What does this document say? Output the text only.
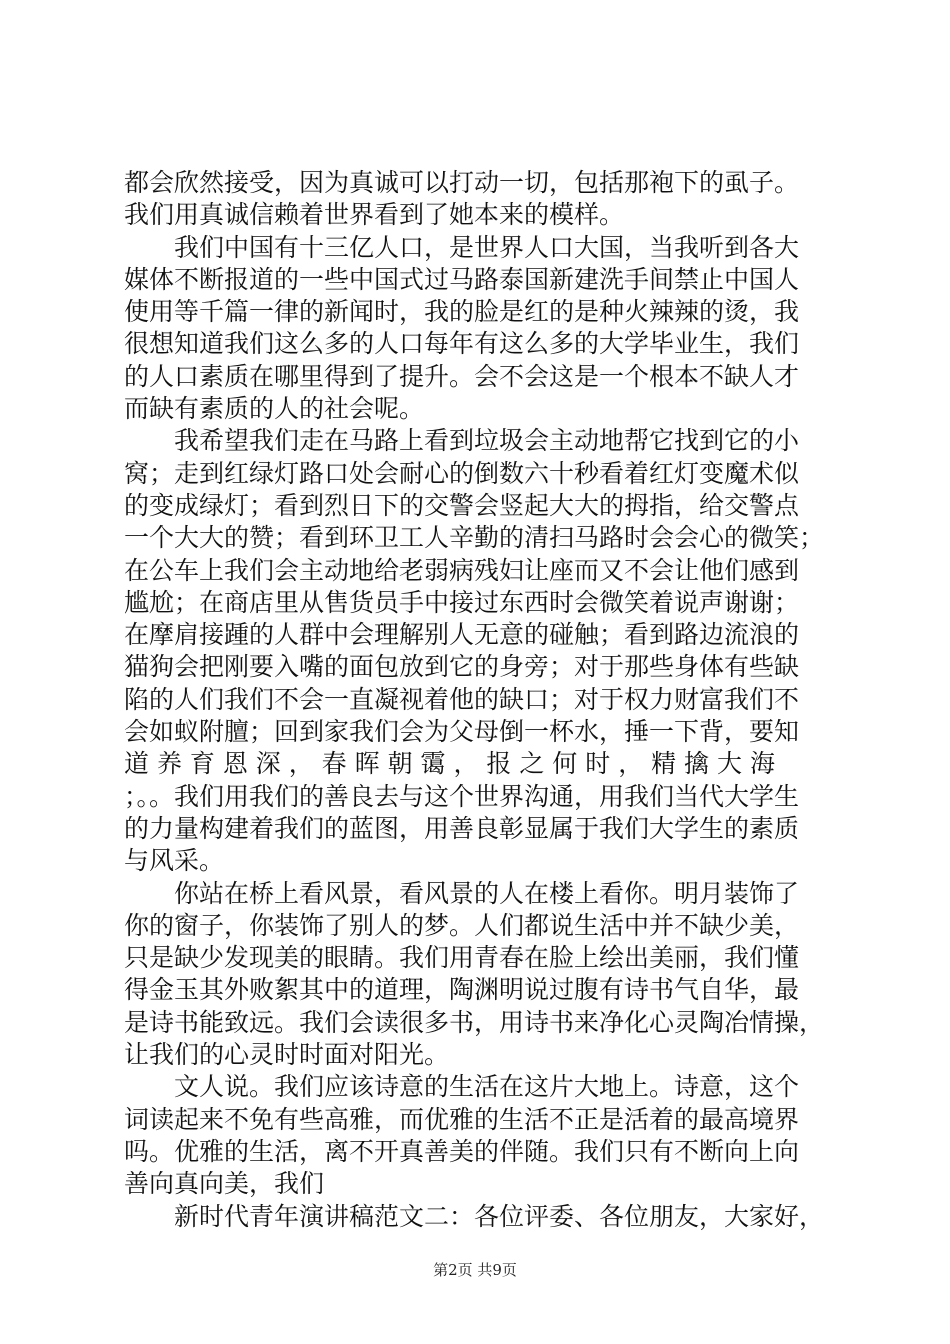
都会欣然接受，因为真诚可以打动一切，包括那袍下的虱子。
我们用真诚信赖着世界看到了她本来的模样。
　　我们中国有十三亿人口，是世界人口大国，当我听到各大
媒体不断报道的一些中国式过马路泰国新建洗手间禁止中国人
使用等千篇一律的新闻时，我的脸是红的是种火辣辣的烫，我
很想知道我们这么多的人口每年有这么多的大学毕业生，我们
的人口素质在哪里得到了提升。会不会这是一个根本不缺人才
而缺有素质的人的社会呢。
　　我希望我们走在马路上看到垃圾会主动地帮它找到它的小
窝；走到红绿灯路口处会耐心的倒数六十秒看着红灯变魔术似
的变成绿灯；看到烈日下的交警会竖起大大的拇指，给交警点
一个大大的赞；看到环卫工人辛勤的清扫马路时会会心的微笑；
在公车上我们会主动地给老弱病残妇让座而又不会让他们感到
尴尬；在商店里从售货员手中接过东西时会微笑着说声谢谢；
在摩肩接踵的人群中会理解别人无意的碰触；看到路边流浪的
猫狗会把刚要入嘴的面包放到它的身旁；对于那些身体有些缺
陷的人们我们不会一直凝视着他的缺口；对于权力财富我们不
会如蚁附膻；回到家我们会为父母倒一杯水，捶一下背，要知
道 养 育 恩 深 ， 春 晖 朝 霭 ， 报 之 何 时 ， 精 擒 大 海
；。。我们用我们的善良去与这个世界沟通，用我们当代大学生
的力量构建着我们的蓝图，用善良彰显属于我们大学生的素质
与风采。
　　你站在桥上看风景，看风景的人在楼上看你。明月装饰了
你的窗子，你装饰了别人的梦。人们都说生活中并不缺少美，
只是缺少发现美的眼睛。我们用青春在脸上绘出美丽，我们懂
得金玉其外败絮其中的道理，陶渊明说过腹有诗书气自华，最
是诗书能致远。我们会读很多书，用诗书来净化心灵陶冶情操，
让我们的心灵时时面对阳光。
　　文人说。我们应该诗意的生活在这片大地上。诗意，这个
词读起来不免有些高雅，而优雅的生活不正是活着的最高境界
吗。优雅的生活，离不开真善美的伴随。我们只有不断向上向
善向真向美，我们
　　新时代青年演讲稿范文二：各位评委、各位朋友，大家好，
第2页 共9页
